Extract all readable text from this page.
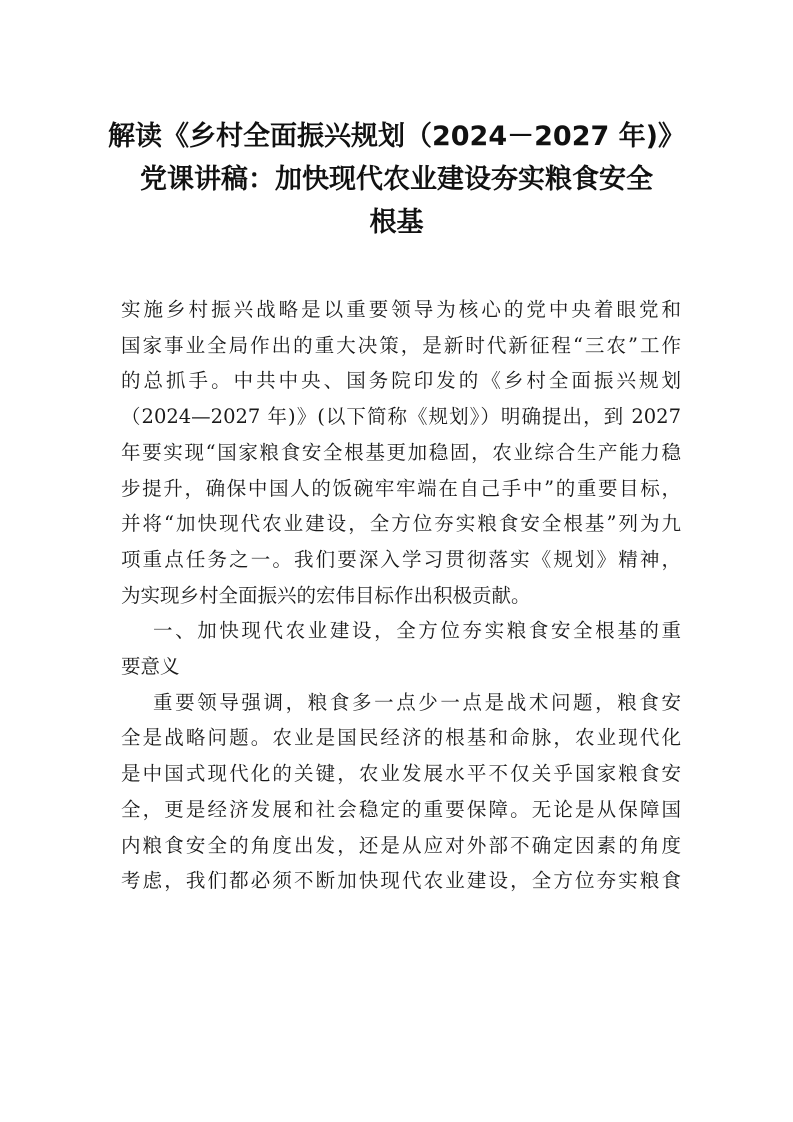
解读《乡村全面振兴规划（2024－2027 年)》
党课讲稿：加快现代农业建设夯实粮食安全
根基
实施乡村振兴战略是以重要领导为核心的党中央着眼党和
国家事业全局作出的重大决策，是新时代新征程“三农”工作
的总抓手。中共中央、国务院印发的《乡村全面振兴规划
（2024—2027 年)》(以下简称《规划》）明确提出，到 2027
年要实现“国家粮食安全根基更加稳固，农业综合生产能力稳
步提升，确保中国人的饭碗牢牢端在自己手中”的重要目标，
并将“加快现代农业建设，全方位夯实粮食安全根基”列为九
项重点任务之一。我们要深入学习贯彻落实《规划》精神，
为实现乡村全面振兴的宏伟目标作出积极贡献。
一、加快现代农业建设，全方位夯实粮食安全根基的重
要意义
重要领导强调，粮食多一点少一点是战术问题，粮食安
全是战略问题。农业是国民经济的根基和命脉，农业现代化
是中国式现代化的关键，农业发展水平不仅关乎国家粮食安
全，更是经济发展和社会稳定的重要保障。无论是从保障国
内粮食安全的角度出发，还是从应对外部不确定因素的角度
考虑，我们都必须不断加快现代农业建设，全方位夯实粮食
